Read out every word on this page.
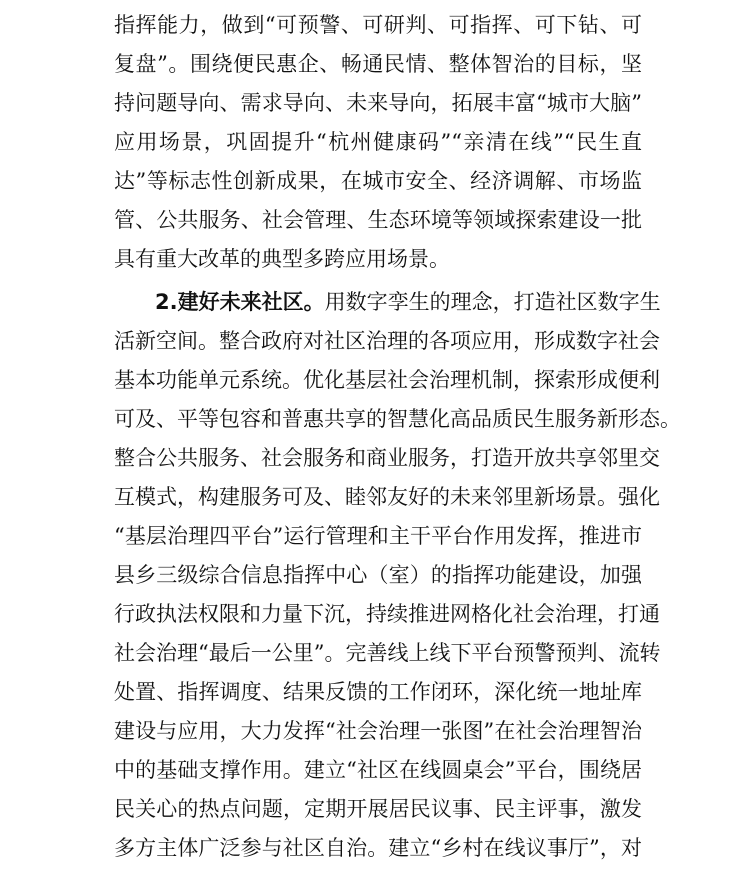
指挥能力，做到“可预警、可研判、可指挥、可下钻、可
复盘”。围绕便民惠企、畅通民情、整体智治的目标，坚
持问题导向、需求导向、未来导向，拓展丰富“城市大脑”
应用场景，巩固提升“杭州健康码”“亲清在线”“民生直
达”等标志性创新成果，在城市安全、经济调解、市场监
管、公共服务、社会管理、生态环境等领域探索建设一批
具有重大改革的典型多跨应用场景。
2.建好未来社区。用数字孪生的理念，打造社区数字生
活新空间。整合政府对社区治理的各项应用，形成数字社会
基本功能单元系统。优化基层社会治理机制，探索形成便利
可及、平等包容和普惠共享的智慧化高品质民生服务新形态。
整合公共服务、社会服务和商业服务，打造开放共享邻里交
互模式，构建服务可及、睦邻友好的未来邻里新场景。强化
“基层治理四平台”运行管理和主干平台作用发挥，推进市
县乡三级综合信息指挥中心（室）的指挥功能建设，加强
行政执法权限和力量下沉，持续推进网格化社会治理，打通
社会治理“最后一公里”。完善线上线下平台预警预判、流转
处置、指挥调度、结果反馈的工作闭环，深化统一地址库
建设与应用，大力发挥“社会治理一张图”在社会治理智治
中的基础支撑作用。建立“社区在线圆桌会”平台，围绕居
民关心的热点问题，定期开展居民议事、民主评事，激发
多方主体广泛参与社区自治。建立“乡村在线议事厅”，对
